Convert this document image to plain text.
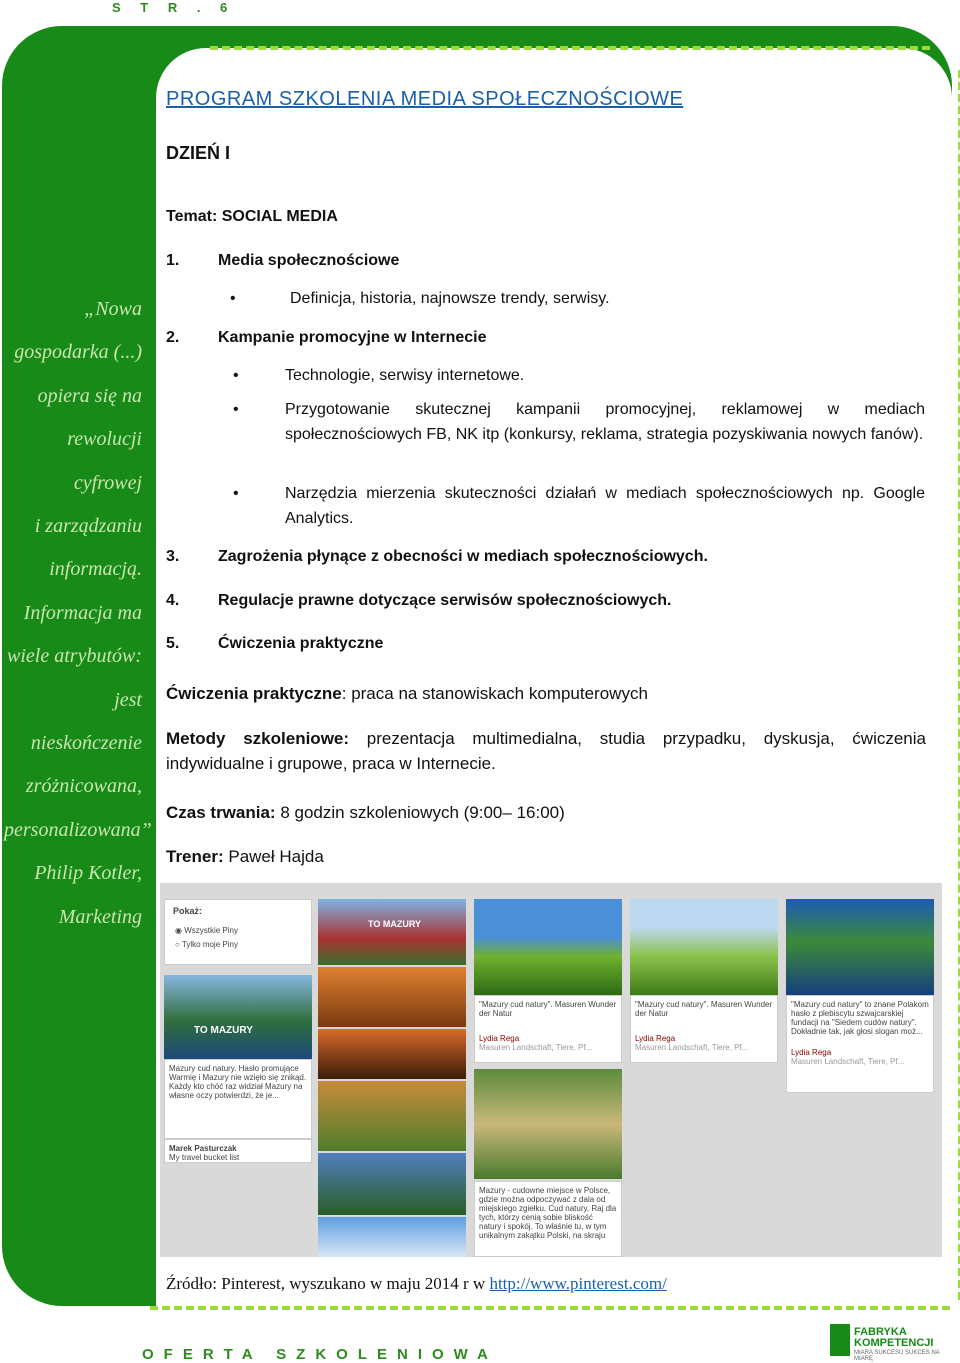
S T R . 6
„Nowa
gospodarka (...)
opiera się na
rewolucji cyfrowej
i zarządzaniu
informacją.
Informacja ma
wiele atrybutów:
jest nieskończenie
zróżnicowana,
personalizowana”
Philip Kotler,
Marketing
PROGRAM SZKOLENIA MEDIA SPOŁECZNOŚCIOWE
DZIEŃ I
Temat: SOCIAL MEDIA
1. Media społecznościowe
•	Definicja, historia, najnowsze trendy, serwisy.
2. Kampanie promocyjne w Internecie
•	Technologie, serwisy internetowe.
•	Przygotowanie skutecznej kampanii promocyjnej, reklamowej w mediach społecznościowych FB, NK itp (konkursy, reklama, strategia pozyskiwania nowych fanów).
•	Narzędzia mierzenia skuteczności działań w mediach społecznościowych np. Google Analytics.
3. Zagrożenia płynące z obecności w mediach społecznościowych.
4. Regulacje prawne dotyczące serwisów społecznościowych.
5. Ćwiczenia praktyczne
Ćwiczenia praktyczne: praca na stanowiskach komputerowych
Metody szkoleniowe: prezentacja multimedialna, studia przypadku, dyskusja, ćwiczenia indywidualne i grupowe, praca w Internecie.
Czas trwania: 8 godzin szkoleniowych (9:00– 16:00)
Trener: Paweł Hajda
Pokaż:
◉ Wszystkie Piny
○ Tylko moje Piny
TO MAZURY
Mazury cud natury. Hasło promujące Warmię i Mazury nie wzięło się znikąd. Każdy kto chóć raz widział Mazury na własne oczy potwierdzi, że je...
Marek Pasturczak
My travel bucket list
TO MAZURY
"Mazury cud natury". Masuren Wunder der Natur
Lydia Rega
Masuren Landschaft, Tiere, Pf...
Mazury - cudowne miejsce w Polsce, gdzie można odpoczywać z dala od miejskiego zgiełku. Cud natury, Raj dla tych, którzy cenią sobie bliskość natury i spokój. To właśnie tu, w tym unikalnym zakątku Polski, na skraju
"Mazury cud natury". Masuren Wunder der Natur
Lydia Rega
Masuren Landschaft, Tiere, Pf...
"Mazury cud natury" to znane Polakom hasło z plebiscytu szwajcarskiej fundacji na "Siedem cudów natury". Dokładnie tak, jak głosi slogan moż...
Lydia Rega
Masuren Landschaft, Tiere, Pf...
Źródło: Pinterest, wyszukano w maju 2014 r w http://www.pinterest.com/
OFERTA SZKOLENIOWA
FABRYKA
KOMPETENCJI
MIARA SUKCESU SUKCES NA MIARĘ
